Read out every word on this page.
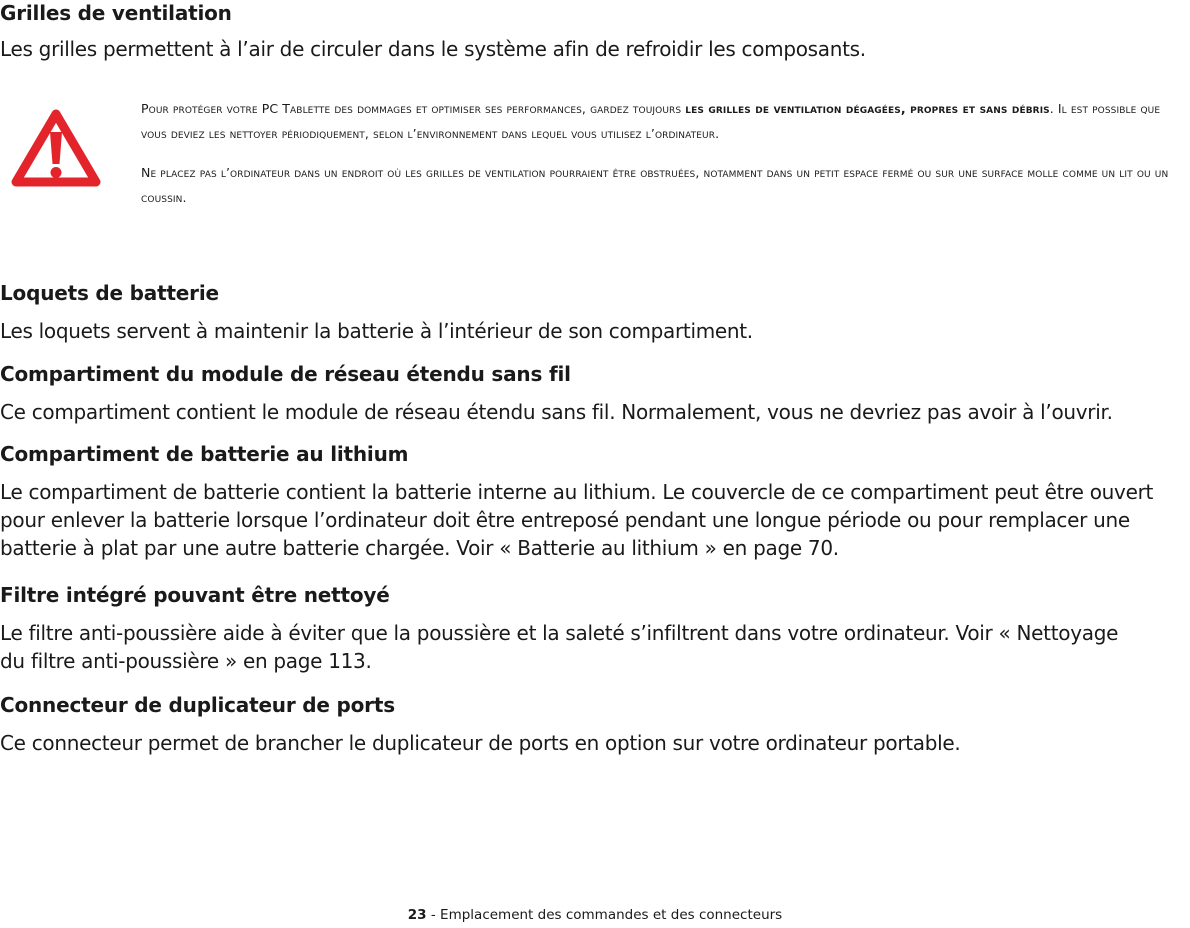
Grilles de ventilation

Les grilles permettent à l’air de circuler dans le système afin de refroidir les composants.

Pour protéger votre PC Tablette des dommages et optimiser ses performances, gardez toujours les grilles de ventilation dégagées, propres et sans débris. Il est possible que vous deviez les nettoyer périodiquement, selon l’environnement dans lequel vous utilisez l’ordinateur.

Ne placez pas l’ordinateur dans un endroit où les grilles de ventilation pourraient être obstruées, notamment dans un petit espace fermé ou sur une surface molle comme un lit ou un coussin.

Loquets de batterie

Les loquets servent à maintenir la batterie à l’intérieur de son compartiment.

Compartiment du module de réseau étendu sans fil

Ce compartiment contient le module de réseau étendu sans fil. Normalement, vous ne devriez pas avoir à l’ouvrir.

Compartiment de batterie au lithium

Le compartiment de batterie contient la batterie interne au lithium. Le couvercle de ce compartiment peut être ouvert

pour enlever la batterie lorsque l’ordinateur doit être entreposé pendant une longue période ou pour remplacer une

batterie à plat par une autre batterie chargée. Voir « Batterie au lithium » en page 70.

Filtre intégré pouvant être nettoyé

Le filtre anti-poussière aide à éviter que la poussière et la saleté s’infiltrent dans votre ordinateur. Voir « Nettoyage

du filtre anti-poussière » en page 113.

Connecteur de duplicateur de ports

Ce connecteur permet de brancher le duplicateur de ports en option sur votre ordinateur portable.

23 - Emplacement des commandes et des connecteurs
